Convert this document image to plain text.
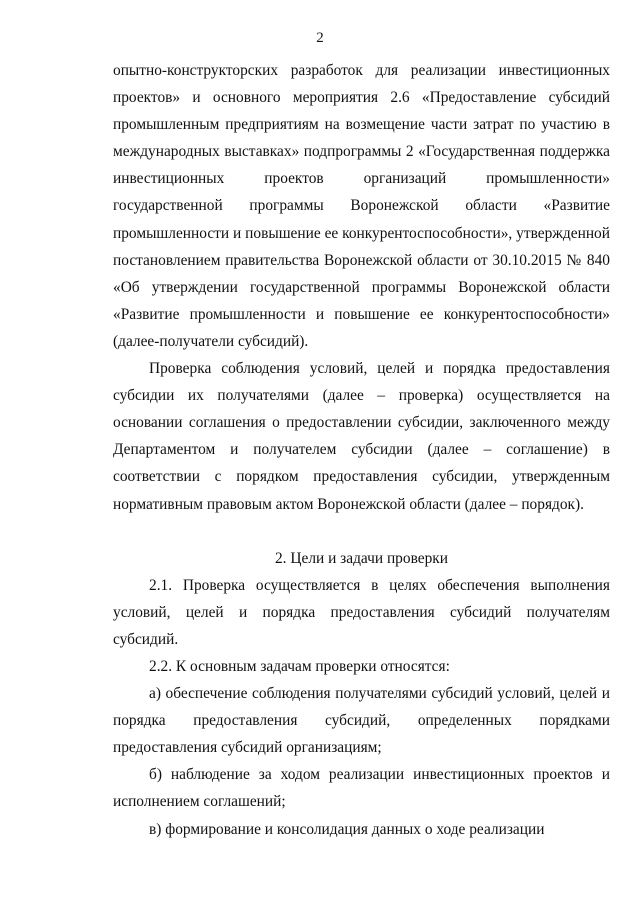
2

опытно-конструкторских разработок для реализации инвестиционных проектов» и основного мероприятия 2.6 «Предоставление субсидий промышленным предприятиям на возмещение части затрат по участию в международных выставках» подпрограммы 2 «Государственная поддержка инвестиционных проектов организаций промышленности» государственной программы Воронежской области «Развитие промышленности и повышение ее конкурентоспособности», утвержденной постановлением правительства Воронежской области от 30.10.2015 № 840 «Об утверждении государственной программы Воронежской области «Развитие промышленности и повышение ее конкурентоспособности» (далее-получатели субсидий).

Проверка соблюдения условий, целей и порядка предоставления субсидии их получателями (далее – проверка) осуществляется на основании соглашения о предоставлении субсидии, заключенного между Департаментом и получателем субсидии (далее – соглашение) в соответствии с порядком предоставления субсидии, утвержденным нормативным правовым актом Воронежской области (далее – порядок).

2. Цели и задачи проверки

2.1. Проверка осуществляется в целях обеспечения выполнения условий, целей и порядка предоставления субсидий получателям субсидий.

2.2. К основным задачам проверки относятся:

а) обеспечение соблюдения получателями субсидий условий, целей и порядка предоставления субсидий, определенных порядками предоставления субсидий организациям;

б) наблюдение за ходом реализации инвестиционных проектов и исполнением соглашений;

в) формирование и консолидация данных о ходе реализации
